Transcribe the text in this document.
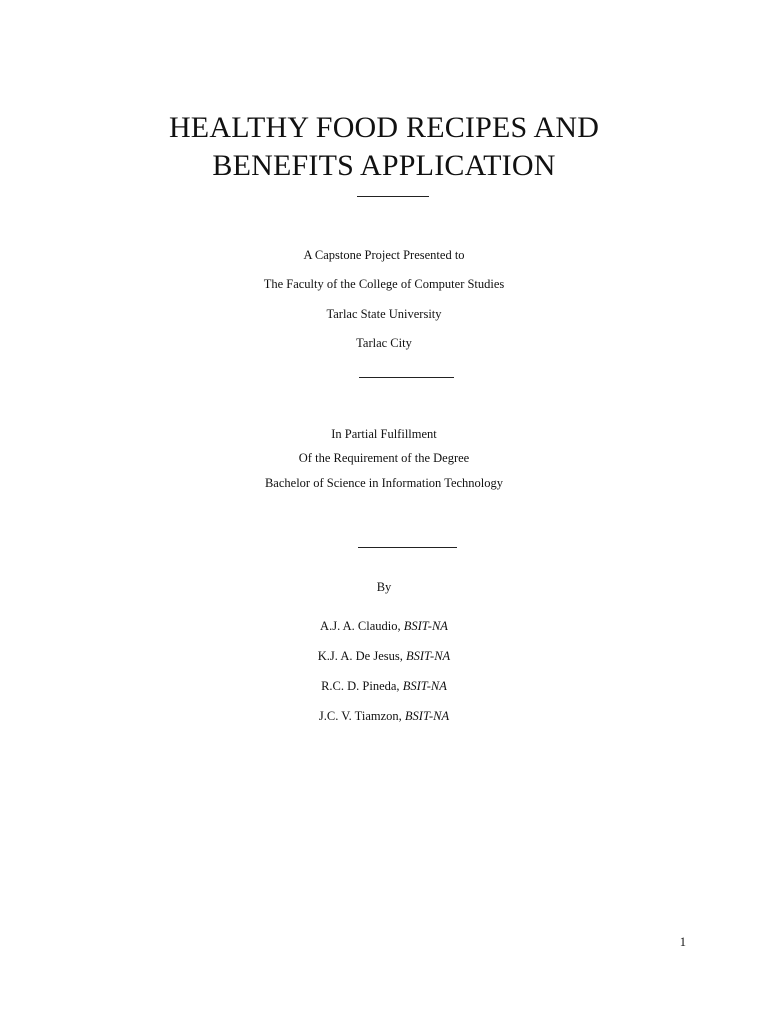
HEALTHY FOOD RECIPES AND
BENEFITS APPLICATION

A Capstone Project Presented to

The Faculty of the College of Computer Studies

Tarlac State University

Tarlac City

In Partial Fulfillment

Of the Requirement of the Degree

Bachelor of Science in Information Technology

By

A.J. A. Claudio, BSIT-NA

K.J. A. De Jesus, BSIT-NA

R.C. D. Pineda, BSIT-NA

J.C. V. Tiamzon, BSIT-NA

1
